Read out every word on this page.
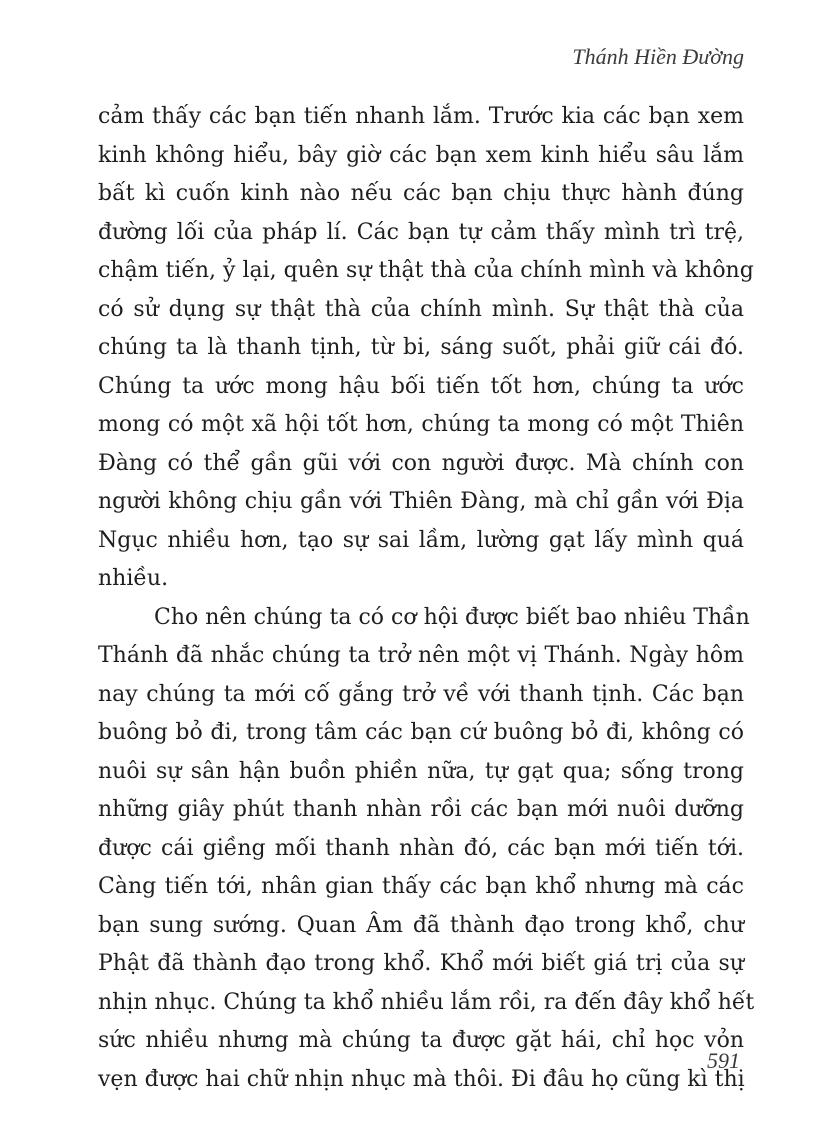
Thánh Hiền Đường
cảm thấy các bạn tiến nhanh lắm. Trước kia các bạn xem
kinh không hiểu, bây giờ các bạn xem kinh hiểu sâu lắm
bất kì cuốn kinh nào nếu các bạn chịu thực hành đúng
đường lối của pháp lí. Các bạn tự cảm thấy mình trì trệ,
chậm tiến, ỷ lại, quên sự thật thà của chính mình và không
có sử dụng sự thật thà của chính mình. Sự thật thà của
chúng ta là thanh tịnh, từ bi, sáng suốt, phải giữ cái đó.
Chúng ta ước mong hậu bối tiến tốt hơn, chúng ta ước
mong có một xã hội tốt hơn, chúng ta mong có một Thiên
Đàng có thể gần gũi với con người được. Mà chính con
người không chịu gần với Thiên Đàng, mà chỉ gần với Địa
Ngục nhiều hơn, tạo sự sai lầm, lường gạt lấy mình quá
nhiều.
Cho nên chúng ta có cơ hội được biết bao nhiêu Thần
Thánh đã nhắc chúng ta trở nên một vị Thánh. Ngày hôm
nay chúng ta mới cố gắng trở về với thanh tịnh. Các bạn
buông bỏ đi, trong tâm các bạn cứ buông bỏ đi, không có
nuôi sự sân hận buồn phiền nữa, tự gạt qua; sống trong
những giây phút thanh nhàn rồi các bạn mới nuôi dưỡng
được cái giềng mối thanh nhàn đó, các bạn mới tiến tới.
Càng tiến tới, nhân gian thấy các bạn khổ nhưng mà các
bạn sung sướng. Quan Âm đã thành đạo trong khổ, chư
Phật đã thành đạo trong khổ. Khổ mới biết giá trị của sự
nhịn nhục. Chúng ta khổ nhiều lắm rồi, ra đến đây khổ hết
sức nhiều nhưng mà chúng ta được gặt hái, chỉ học vỏn
vẹn được hai chữ nhịn nhục mà thôi. Đi đâu họ cũng kì thị
591
